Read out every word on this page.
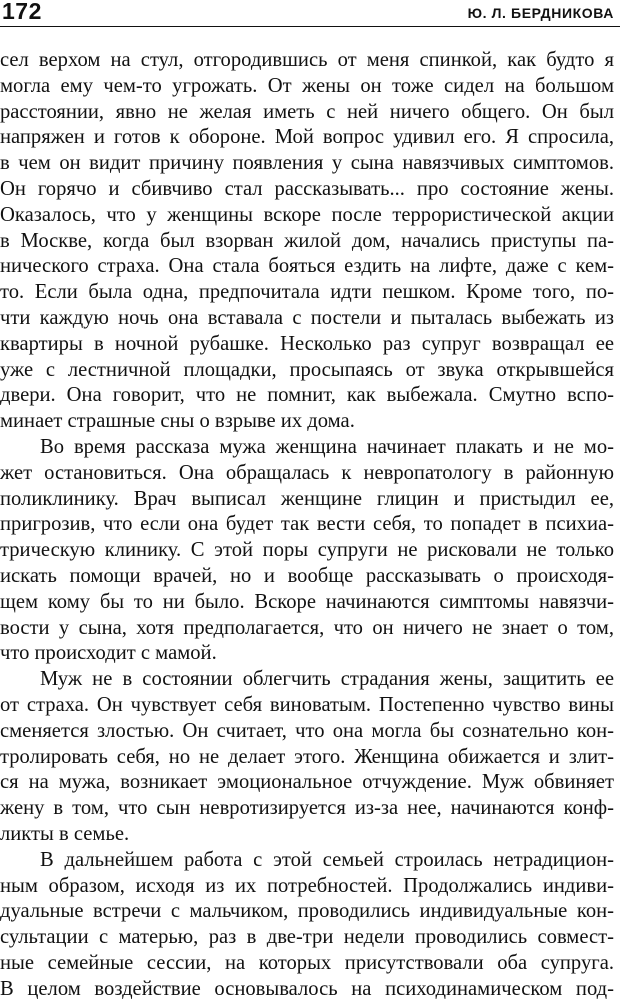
172	Ю. Л. БЕРДНИКОВА
сел верхом на стул, отгородившись от меня спинкой, как будто я
могла ему чем-то угрожать. От жены он тоже сидел на большом
расстоянии, явно не желая иметь с ней ничего общего. Он был
напряжен и готов к обороне. Мой вопрос удивил его. Я спросила,
в чем он видит причину появления у сына навязчивых симптомов.
Он горячо и сбивчиво стал рассказывать... про состояние жены.
Оказалось, что у женщины вскоре после террористической акции
в Москве, когда был взорван жилой дом, начались приступы па-
нического страха. Она стала бояться ездить на лифте, даже с кем-
то. Если была одна, предпочитала идти пешком. Кроме того, по-
чти каждую ночь она вставала с постели и пыталась выбежать из
квартиры в ночной рубашке. Несколько раз супруг возвращал ее
уже с лестничной площадки, просыпаясь от звука открывшейся
двери. Она говорит, что не помнит, как выбежала. Смутно вспо-
минает страшные сны о взрыве их дома.
Во время рассказа мужа женщина начинает плакать и не мо-
жет остановиться. Она обращалась к невропатологу в районную
поликлинику. Врач выписал женщине глицин и пристыдил ее,
пригрозив, что если она будет так вести себя, то попадет в психиа-
трическую клинику. С этой поры супруги не рисковали не только
искать помощи врачей, но и вообще рассказывать о происходя-
щем кому бы то ни было. Вскоре начинаются симптомы навязчи-
вости у сына, хотя предполагается, что он ничего не знает о том,
что происходит с мамой.
Муж не в состоянии облегчить страдания жены, защитить ее
от страха. Он чувствует себя виноватым. Постепенно чувство вины
сменяется злостью. Он считает, что она могла бы сознательно кон-
тролировать себя, но не делает этого. Женщина обижается и злит-
ся на мужа, возникает эмоциональное отчуждение. Муж обвиняет
жену в том, что сын невротизируется из-за нее, начинаются конф-
ликты в семье.
В дальнейшем работа с этой семьей строилась нетрадицион-
ным образом, исходя из их потребностей. Продолжались индиви-
дуальные встречи с мальчиком, проводились индивидуальные кон-
сультации с матерью, раз в две-три недели проводились совмест-
ные семейные сессии, на которых присутствовали оба супруга.
В целом воздействие основывалось на психодинамическом под-
